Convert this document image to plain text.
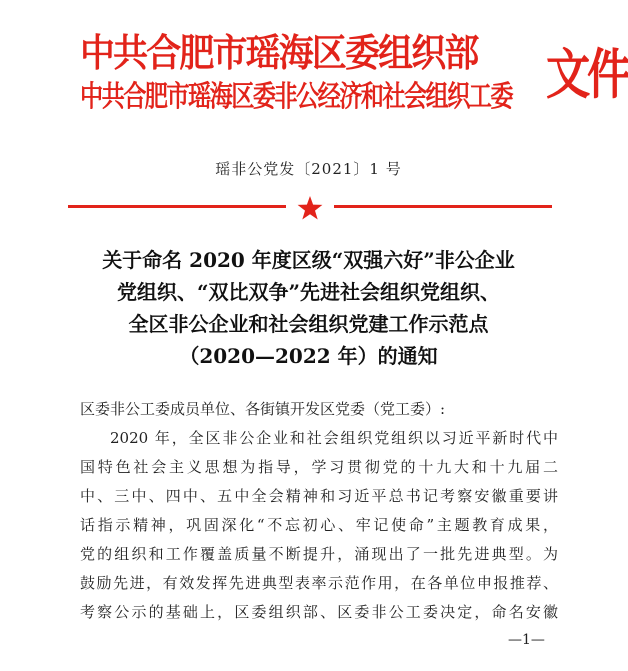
中共合肥市瑶海区委组织部
中共合肥市瑶海区委非公经济和社会组织工委 文件
瑶非公党发〔2021〕1 号
关于命名 2020 年度区级“双强六好”非公企业
党组织、“双比双争”先进社会组织党组织、
全区非公企业和社会组织党建工作示范点
（2020—2022 年）的通知
区委非公工委成员单位、各街镇开发区党委（党工委）:
2020 年，全区非公企业和社会组织党组织以习近平新时代中
国特色社会主义思想为指导，学习贯彻党的十九大和十九届二
中、三中、四中、五中全会精神和习近平总书记考察安徽重要讲
话指示精神，巩固深化“不忘初心、牢记使命”主题教育成果，
党的组织和工作覆盖质量不断提升，涌现出了一批先进典型。为
鼓励先进，有效发挥先进典型表率示范作用，在各单位申报推荐、
考察公示的基础上，区委组织部、区委非公工委决定，命名安徽
—1—
